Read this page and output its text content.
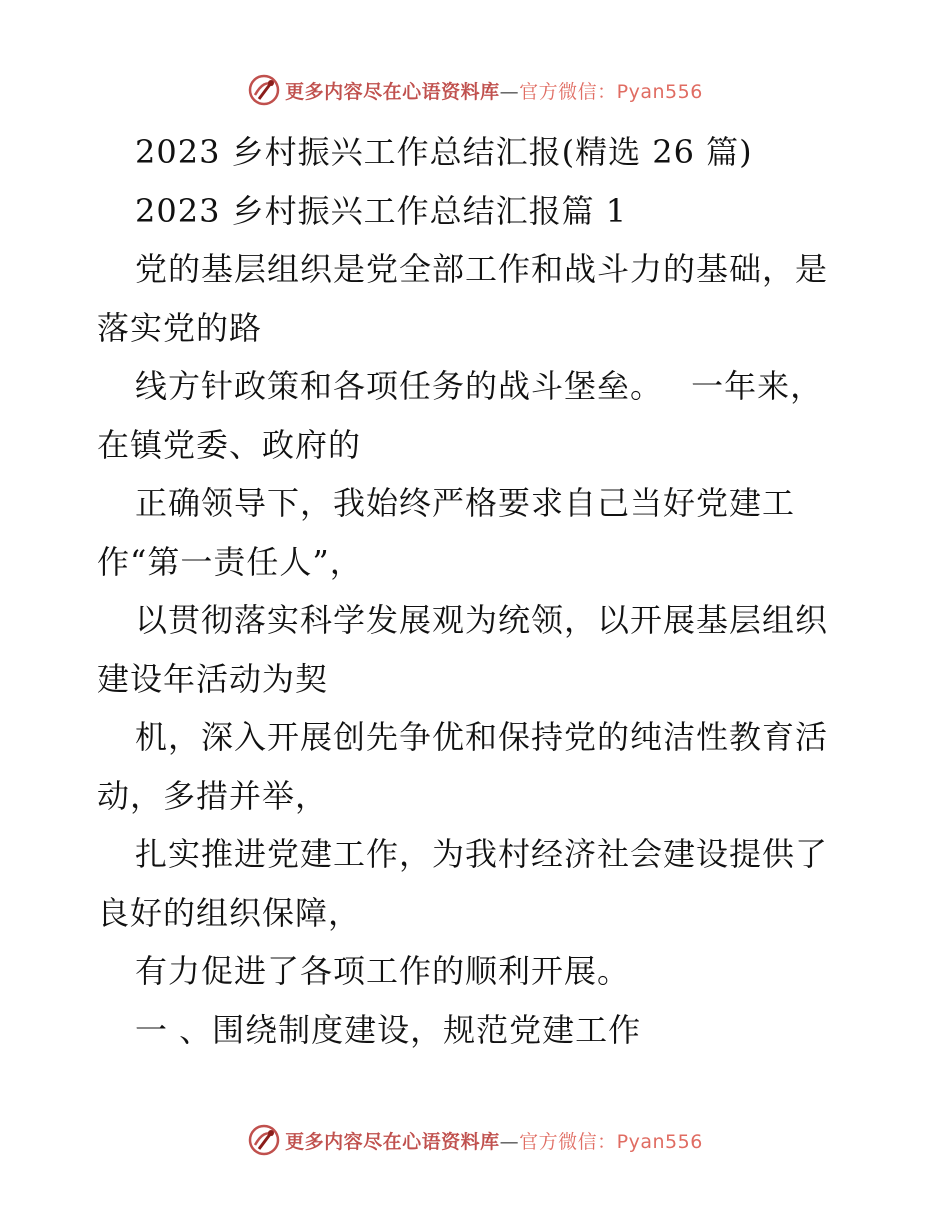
更多内容尽在心语资料库—官方微信：Pyan556
2023 乡村振兴工作总结汇报(精选 26 篇)
2023 乡村振兴工作总结汇报篇 1
党的基层组织是党全部工作和战斗力的基础，是
落实党的路
线方针政策和各项任务的战斗堡垒。　 一年来，
在镇党委、政府的
正确领导下，我始终严格要求自己当好党建工
作“第一责任人”，
以贯彻落实科学发展观为统领，以开展基层组织
建设年活动为契
机，深入开展创先争优和保持党的纯洁性教育活
动，多措并举，
扎实推进党建工作，为我村经济社会建设提供了
良好的组织保障，
有力促进了各项工作的顺利开展。
一 、围绕制度建设，规范党建工作
更多内容尽在心语资料库—官方微信：Pyan556
